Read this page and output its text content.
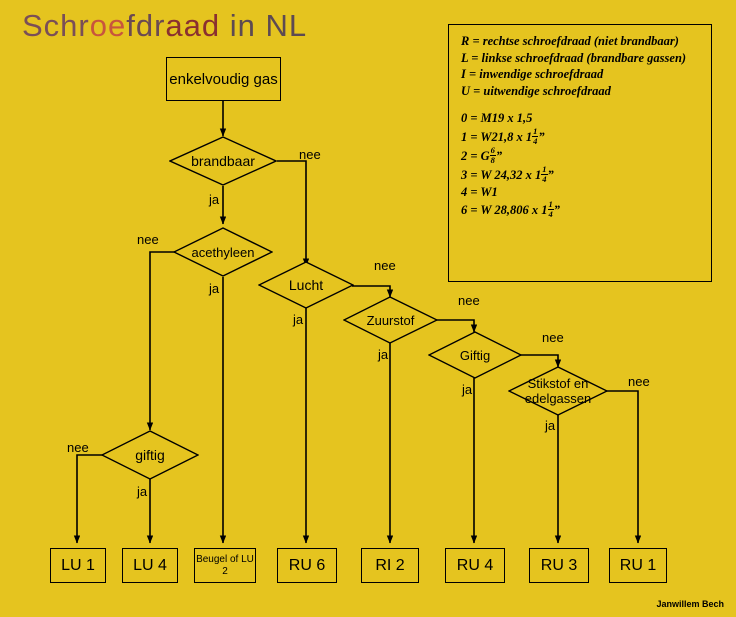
Schroefdraad in NL
enkelvoudig gas
brandbaar
acethyleen
Lucht
Zuurstof
Giftig
Stikstof en edelgassen
giftig
nee
ja
nee
ja
nee
ja
nee
ja
nee
ja
nee
ja
nee
ja
LU 1 LU 4	Beugel of LU 2	RU 6	RI 2	RU 4	RU 3	RU 1
R = rechtse schroefdraad (niet brandbaar)
L = linkse schroefdraad (brandbare gassen)
I = inwendige schroefdraad
U = uitwendige schroefdraad
0 = M19 x 1,5
1 = W21,8 x $1 \frac{1}{4}$ ”
2 = G $\frac{6}{8}$ ”
3 = W 24,32 x $1 \frac{1}{4}$ ”
4 = W1
6 = W 28,806 x $1 \frac{1}{4}$ ”
Janwillem Bech
